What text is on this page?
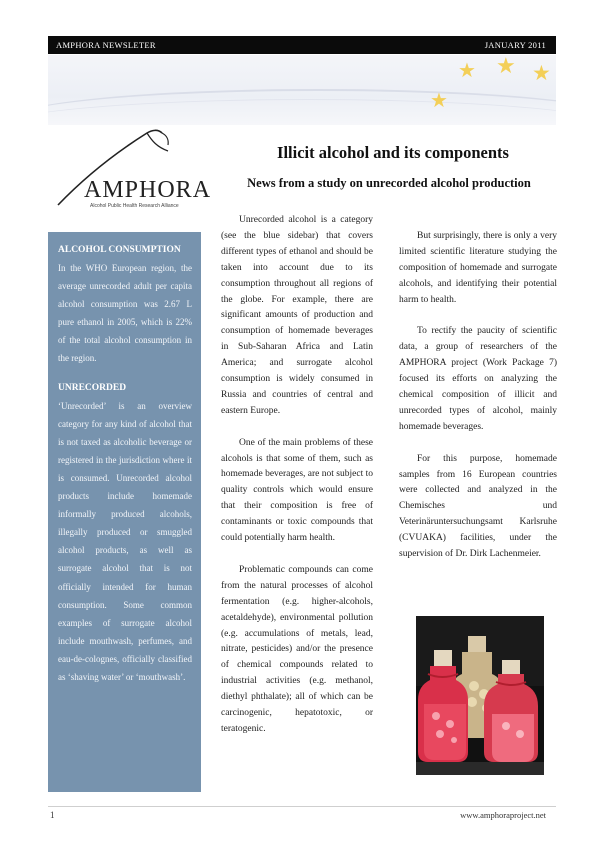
AMPHORA NEWSLETER	JANUARY 2011
★ ★ ★
★
AMPHORA
Alcohol Public Health Research Alliance
Illicit alcohol and its components
News from a study on unrecorded alcohol production
ALCOHOL CONSUMPTION

In the WHO European region, the average unrecorded adult per capita alcohol consumption was 2.67 L pure ethanol in 2005, which is 22% of the total alcohol consumption in the region.

UNRECORDED

‘Unrecorded’ is an overview category for any kind of alcohol that is not taxed as alcoholic beverage or registered in the jurisdiction where it is consumed. Unrecorded alcohol products include homemade informally produced alcohols, illegally produced or smuggled alcohol products, as well as surrogate alcohol that is not officially intended for human consumption. Some common examples of surrogate alcohol include mouthwash, perfumes, and eau-de-colognes, officially classified as ‘shaving water’ or ‘mouthwash’.

Unrecorded alcohol is a category (see the blue sidebar) that covers different types of ethanol and should be taken into account due to its consumption throughout all regions of the globe. For example, there are significant amounts of production and consumption of homemade beverages in Sub-Saharan Africa and Latin America; and surrogate alcohol consumption is widely consumed in Russia and countries of central and eastern Europe.

One of the main problems of these alcohols is that some of them, such as homemade beverages, are not subject to quality controls which would ensure that their composition is free of contaminants or toxic compounds that could potentially harm health.

Problematic compounds can come from the natural processes of alcohol fermentation (e.g. higher-alcohols, acetaldehyde), environmental pollution (e.g. accumulations of metals, lead, nitrate, pesticides) and/or the presence of chemical compounds related to industrial activities (e.g. methanol, diethyl phthalate); all of which can be carcinogenic, hepatotoxic, or teratogenic.

But surprisingly, there is only a very limited scientific literature studying the composition of homemade and surrogate alcohols, and identifying their potential harm to health.

To rectify the paucity of scientific data, a group of researchers of the AMPHORA project (Work Package 7) focused its efforts on analyzing the chemical composition of illicit and unrecorded types of alcohol, mainly homemade beverages.

For this purpose, homemade samples from 16 European countries were collected and analyzed in the Chemisches und Veterinäruntersuchungsamt Karlsruhe (CVUAKA) facilities, under the supervision of Dr. Dirk Lachenmeier.

1	www.amphoraproject.net
